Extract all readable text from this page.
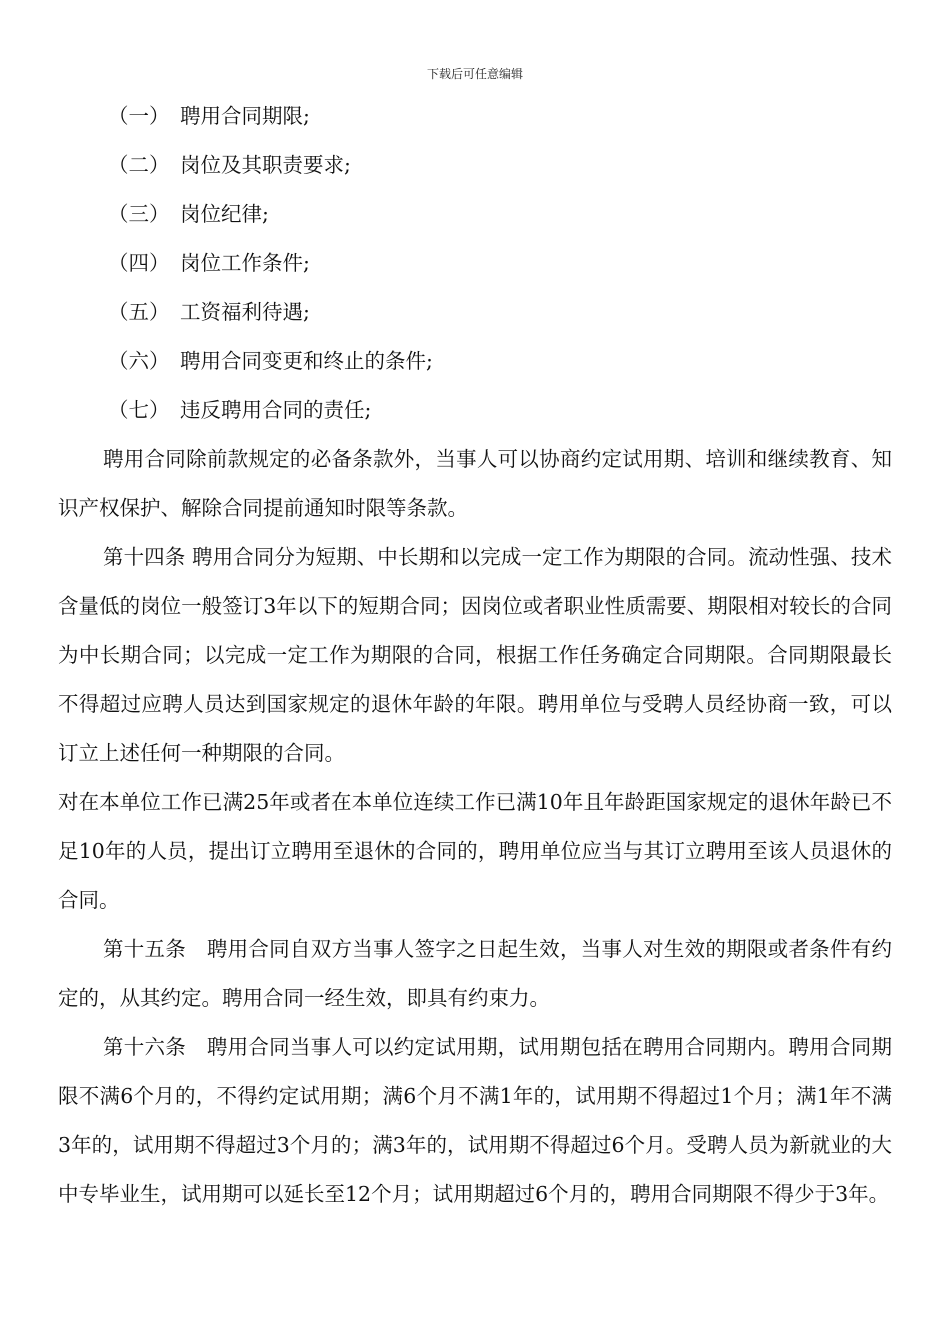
下载后可任意编辑

（一） 聘用合同期限;

（二） 岗位及其职责要求;

（三） 岗位纪律;

（四） 岗位工作条件;

（五） 工资福利待遇;

（六） 聘用合同变更和终止的条件;

（七） 违反聘用合同的责任;

聘用合同除前款规定的必备条款外，当事人可以协商约定试用期、培训和继续教育、知识产权保护、解除合同提前通知时限等条款。

第十四条 聘用合同分为短期、中长期和以完成一定工作为期限的合同。流动性强、技术含量低的岗位一般签订3年以下的短期合同；因岗位或者职业性质需要、期限相对较长的合同为中长期合同；以完成一定工作为期限的合同，根据工作任务确定合同期限。合同期限最长不得超过应聘人员达到国家规定的退休年龄的年限。聘用单位与受聘人员经协商一致，可以订立上述任何一种期限的合同。

对在本单位工作已满25年或者在本单位连续工作已满10年且年龄距国家规定的退休年龄已不足10年的人员，提出订立聘用至退休的合同的，聘用单位应当与其订立聘用至该人员退休的合同。

第十五条　聘用合同自双方当事人签字之日起生效，当事人对生效的期限或者条件有约定的，从其约定。聘用合同一经生效，即具有约束力。

第十六条　聘用合同当事人可以约定试用期，试用期包括在聘用合同期内。聘用合同期限不满6个月的，不得约定试用期；满6个月不满1年的，试用期不得超过1个月；满1年不满3年的，试用期不得超过3个月的；满3年的，试用期不得超过6个月。受聘人员为新就业的大中专毕业生，试用期可以延长至12个月；试用期超过6个月的，聘用合同期限不得少于3年。
